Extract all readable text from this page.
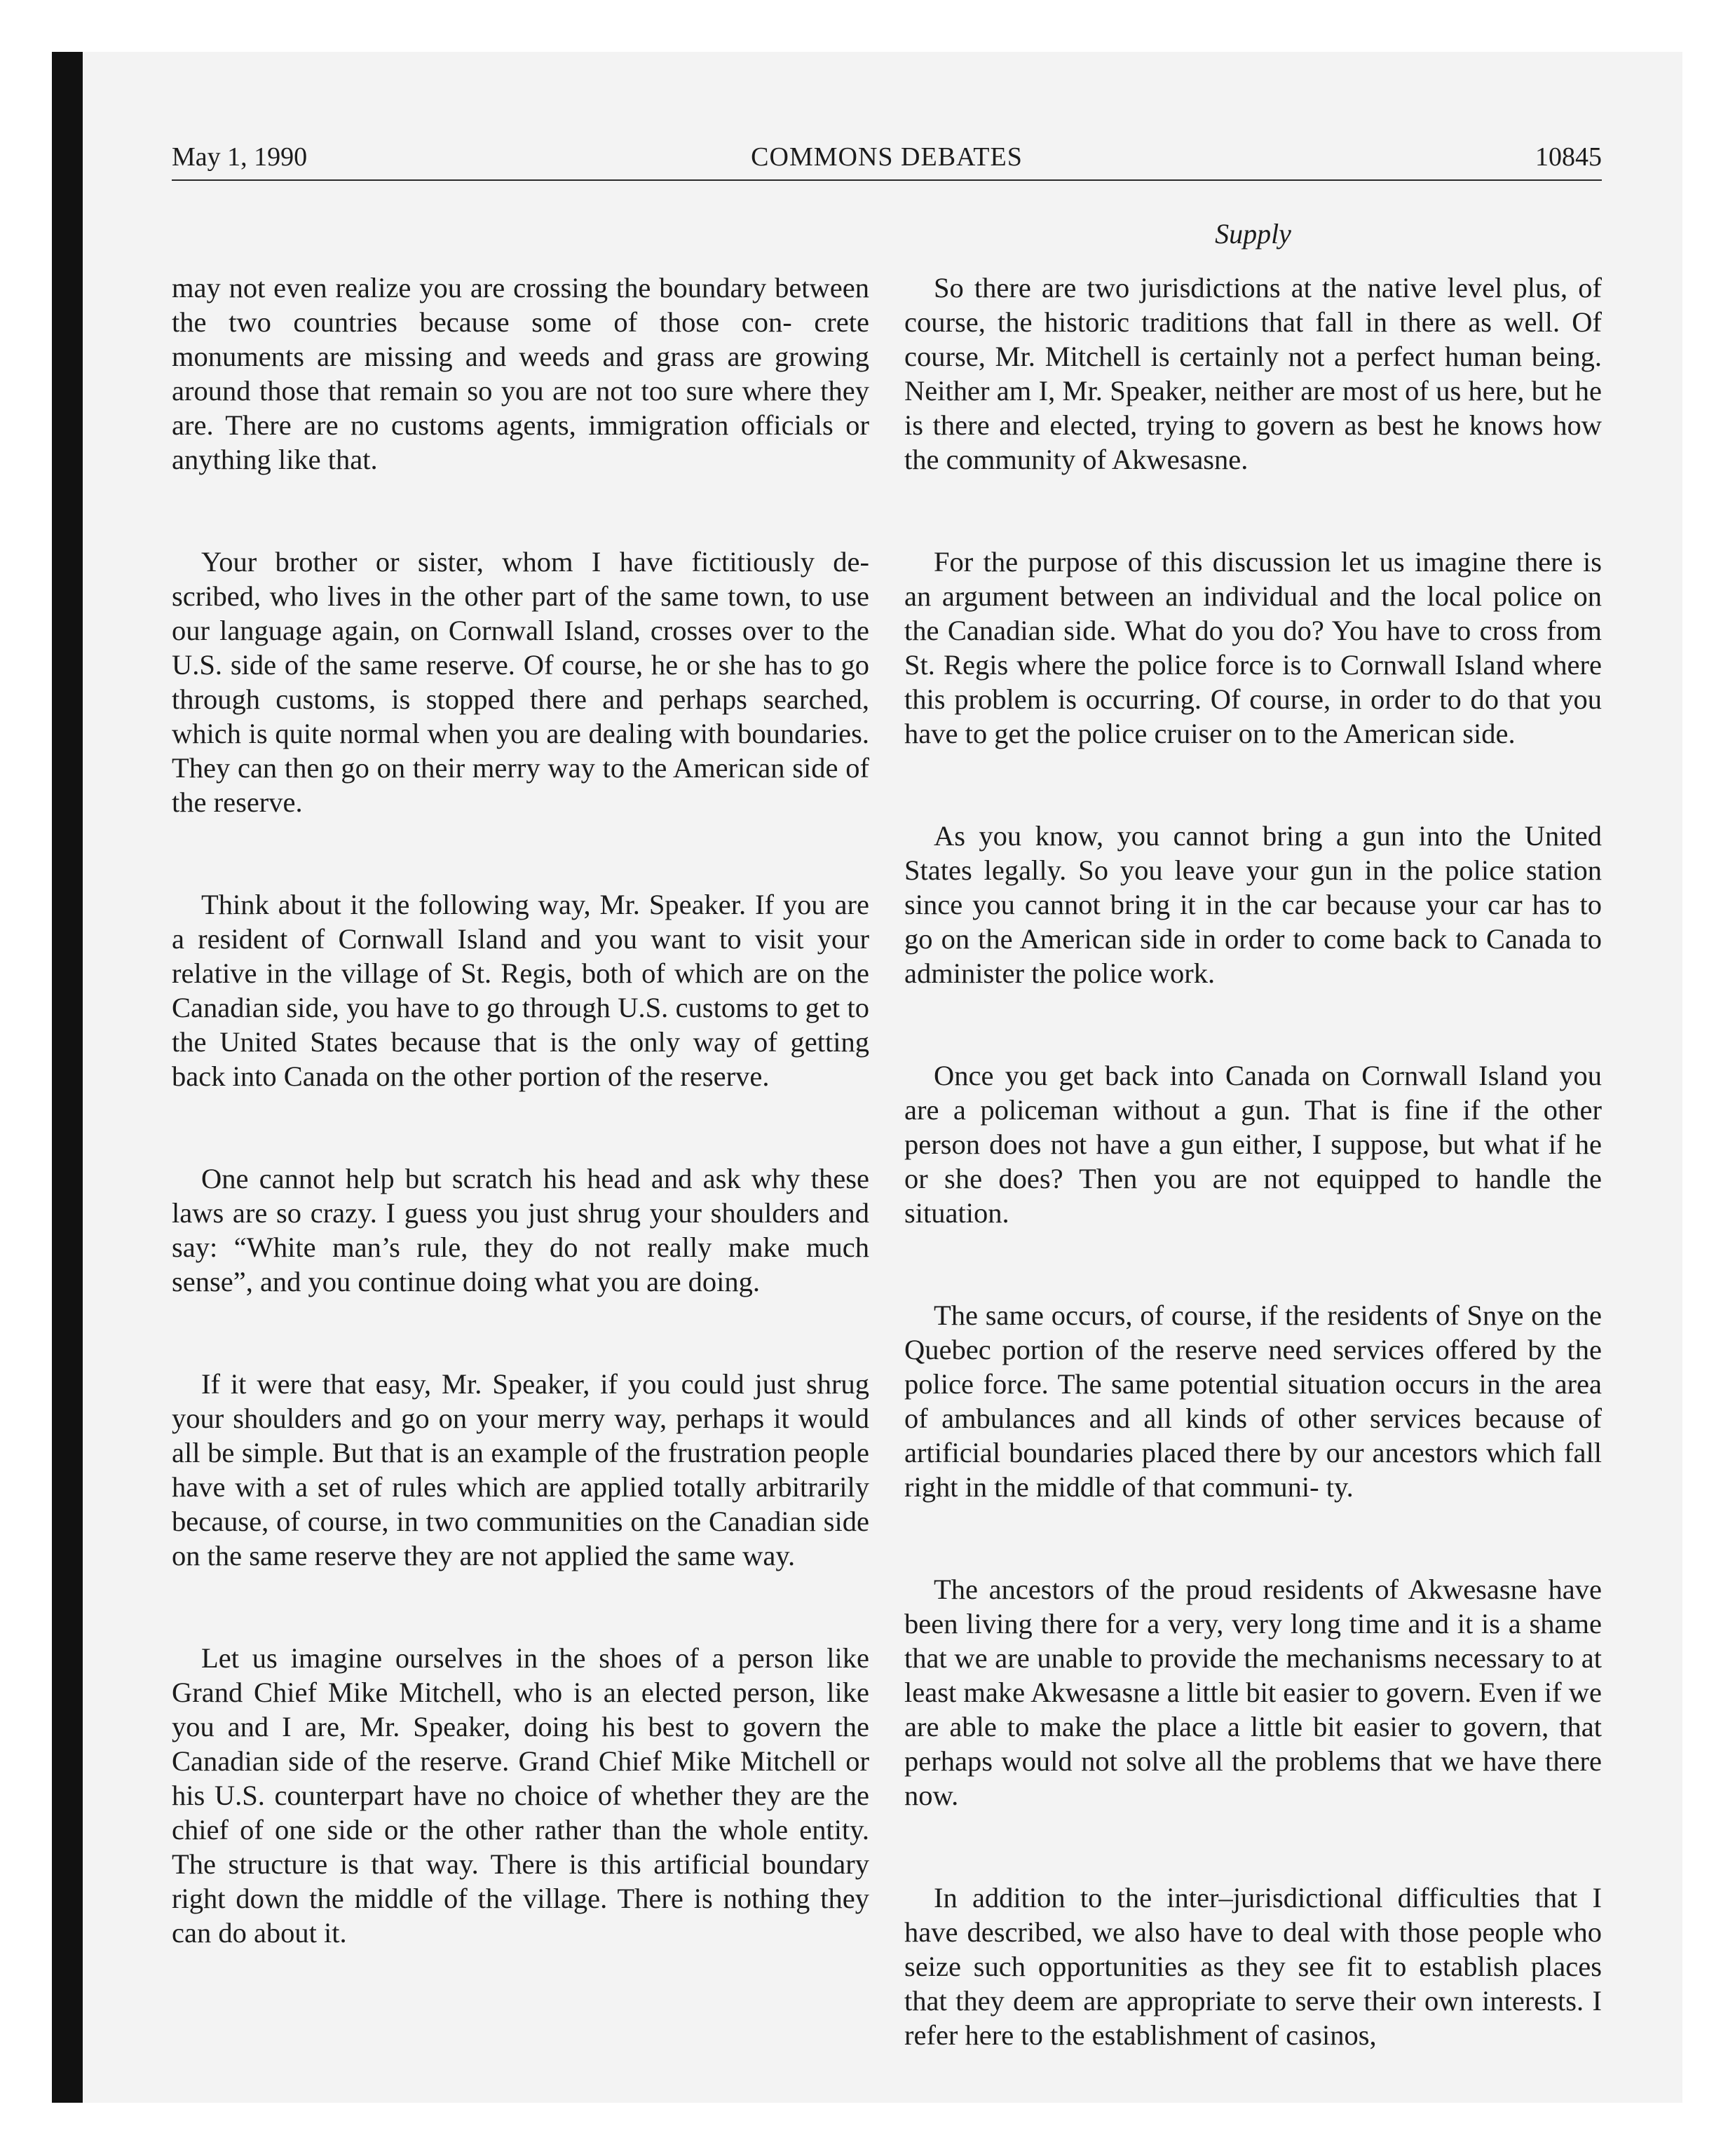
May 1, 1990	COMMONS DEBATES	10845
Supply

may not even realize you are crossing the boundary between the two countries because some of those con- crete monuments are missing and weeds and grass are growing around those that remain so you are not too sure where they are. There are no customs agents, immigration officials or anything like that.

Your brother or sister, whom I have fictitiously de- scribed, who lives in the other part of the same town, to use our language again, on Cornwall Island, crosses over to the U.S. side of the same reserve. Of course, he or she has to go through customs, is stopped there and perhaps searched, which is quite normal when you are dealing with boundaries. They can then go on their merry way to the American side of the reserve.

Think about it the following way, Mr. Speaker. If you are a resident of Cornwall Island and you want to visit your relative in the village of St. Regis, both of which are on the Canadian side, you have to go through U.S. customs to get to the United States because that is the only way of getting back into Canada on the other portion of the reserve.

One cannot help but scratch his head and ask why these laws are so crazy. I guess you just shrug your shoulders and say: “White man’s rule, they do not really make much sense”, and you continue doing what you are doing.

If it were that easy, Mr. Speaker, if you could just shrug your shoulders and go on your merry way, perhaps it would all be simple. But that is an example of the frustration people have with a set of rules which are applied totally arbitrarily because, of course, in two communities on the Canadian side on the same reserve they are not applied the same way.

Let us imagine ourselves in the shoes of a person like Grand Chief Mike Mitchell, who is an elected person, like you and I are, Mr. Speaker, doing his best to govern the Canadian side of the reserve. Grand Chief Mike Mitchell or his U.S. counterpart have no choice of whether they are the chief of one side or the other rather than the whole entity. The structure is that way. There is this artificial boundary right down the middle of the village. There is nothing they can do about it.

So there are two jurisdictions at the native level plus, of course, the historic traditions that fall in there as well. Of course, Mr. Mitchell is certainly not a perfect human being. Neither am I, Mr. Speaker, neither are most of us here, but he is there and elected, trying to govern as best he knows how the community of Akwesasne.

For the purpose of this discussion let us imagine there is an argument between an individual and the local police on the Canadian side. What do you do? You have to cross from St. Regis where the police force is to Cornwall Island where this problem is occurring. Of course, in order to do that you have to get the police cruiser on to the American side.

As you know, you cannot bring a gun into the United States legally. So you leave your gun in the police station since you cannot bring it in the car because your car has to go on the American side in order to come back to Canada to administer the police work.

Once you get back into Canada on Cornwall Island you are a policeman without a gun. That is fine if the other person does not have a gun either, I suppose, but what if he or she does? Then you are not equipped to handle the situation.

The same occurs, of course, if the residents of Snye on the Quebec portion of the reserve need services offered by the police force. The same potential situation occurs in the area of ambulances and all kinds of other services because of artificial boundaries placed there by our ancestors which fall right in the middle of that communi- ty.

The ancestors of the proud residents of Akwesasne have been living there for a very, very long time and it is a shame that we are unable to provide the mechanisms necessary to at least make Akwesasne a little bit easier to govern. Even if we are able to make the place a little bit easier to govern, that perhaps would not solve all the problems that we have there now.

In addition to the inter–jurisdictional difficulties that I have described, we also have to deal with those people who seize such opportunities as they see fit to establish places that they deem are appropriate to serve their own interests. I refer here to the establishment of casinos,
